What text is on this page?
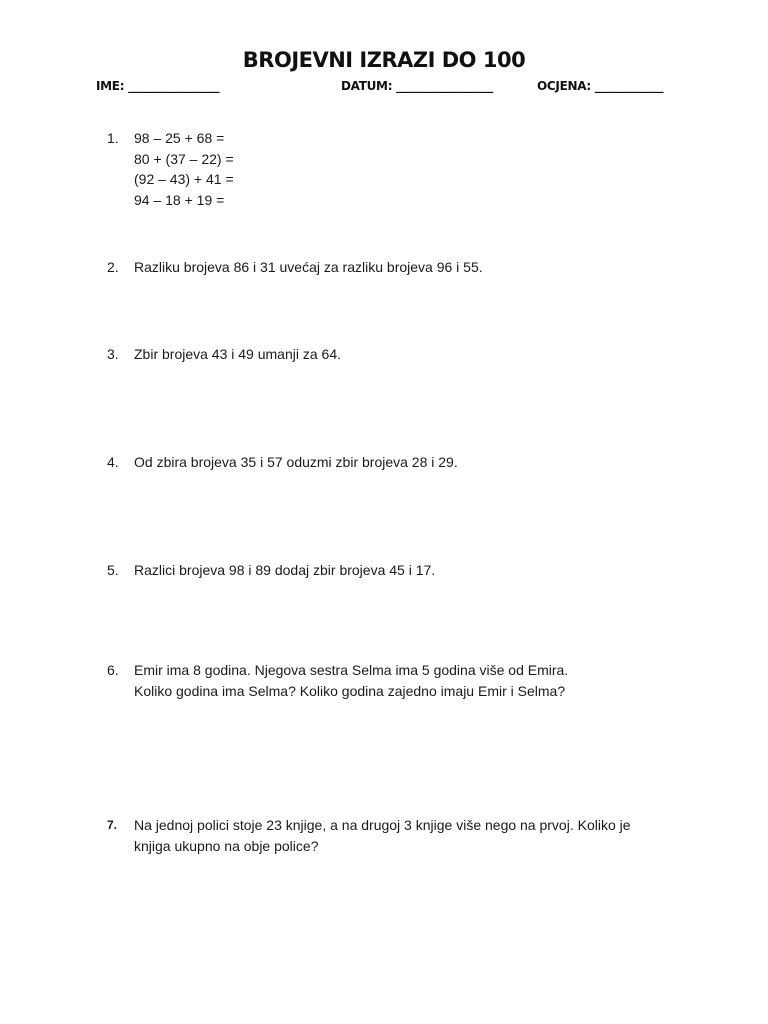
BROJEVNI IZRAZI DO 100
IME: ________________	DATUM: _________________	OCJENA: ____________
1.	98 – 25 + 68 =
80 + (37 – 22) =
(92 – 43) + 41 =
94 – 18 + 19 =
2.	Razliku brojeva 86 i 31 uvećaj za razliku brojeva 96 i 55.
3.	Zbir brojeva 43 i 49 umanji za 64.
4.	Od zbira brojeva 35 i 57 oduzmi zbir brojeva 28 i 29.
5.	Razlici brojeva 98 i 89 dodaj zbir brojeva 45 i 17.
6.	Emir ima 8 godina. Njegova sestra Selma ima 5 godina više od Emira.
Koliko godina ima Selma? Koliko godina zajedno imaju Emir i Selma?
7.	Na jednoj polici stoje 23 knjige, a na drugoj 3 knjige više nego na prvoj. Koliko je
knjiga ukupno na obje police?
